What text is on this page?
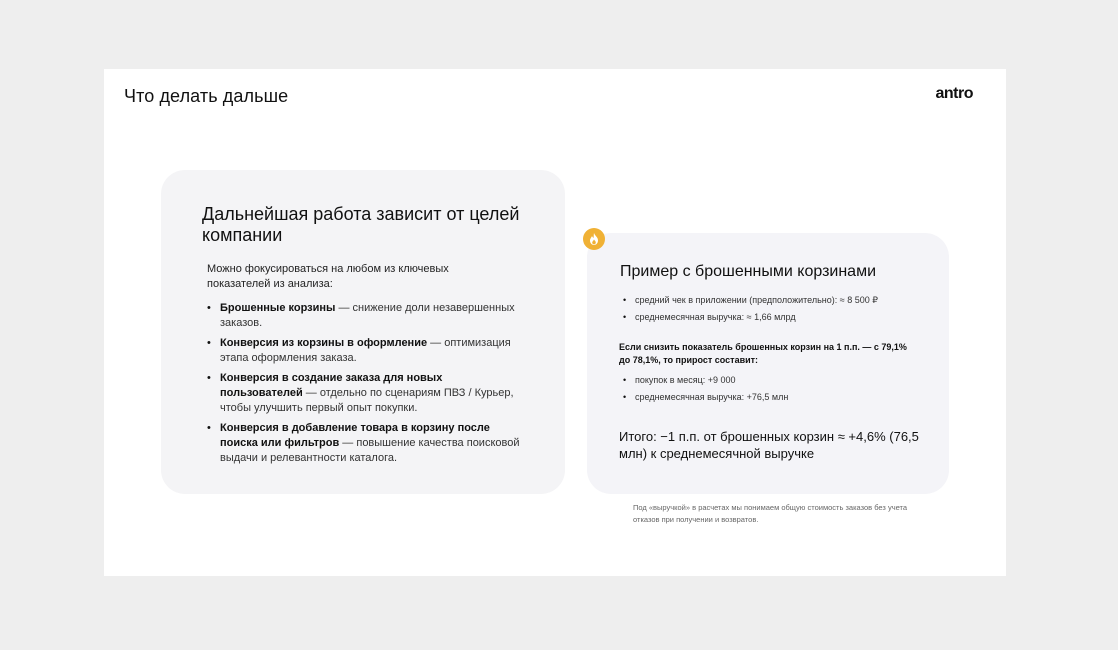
Что делать дальше	antro
Дальнейшая работа зависит от целей компании

Можно фокусироваться на любом из ключевых показателей из анализа:

• Брошенные корзины — снижение доли незавершенных заказов.
• Конверсия из корзины в оформление — оптимизация этапа оформления заказа.
• Конверсия в создание заказа для новых пользователей — отдельно по сценариям ПВЗ / Курьер, чтобы улучшить первый опыт покупки.
• Конверсия в добавление товара в корзину после поиска или фильтров — повышение качества поисковой выдачи и релевантности каталога.
Пример с брошенными корзинами
• средний чек в приложении (предположительно): ≈ 8 500 ₽
• среднемесячная выручка: ≈ 1,66 млрд

Если снизить показатель брошенных корзин на 1 п.п. — с 79,1% до 78,1%, то прирост составит:

• покупок в месяц: +9 000
• среднемесячная выручка: +76,5 млн

Итого: −1 п.п. от брошенных корзин ≈ +4,6% (76,5 млн) к среднемесячной выручке

Под «выручкой» в расчетах мы понимаем общую стоимость заказов без учета отказов при получении и возвратов.
